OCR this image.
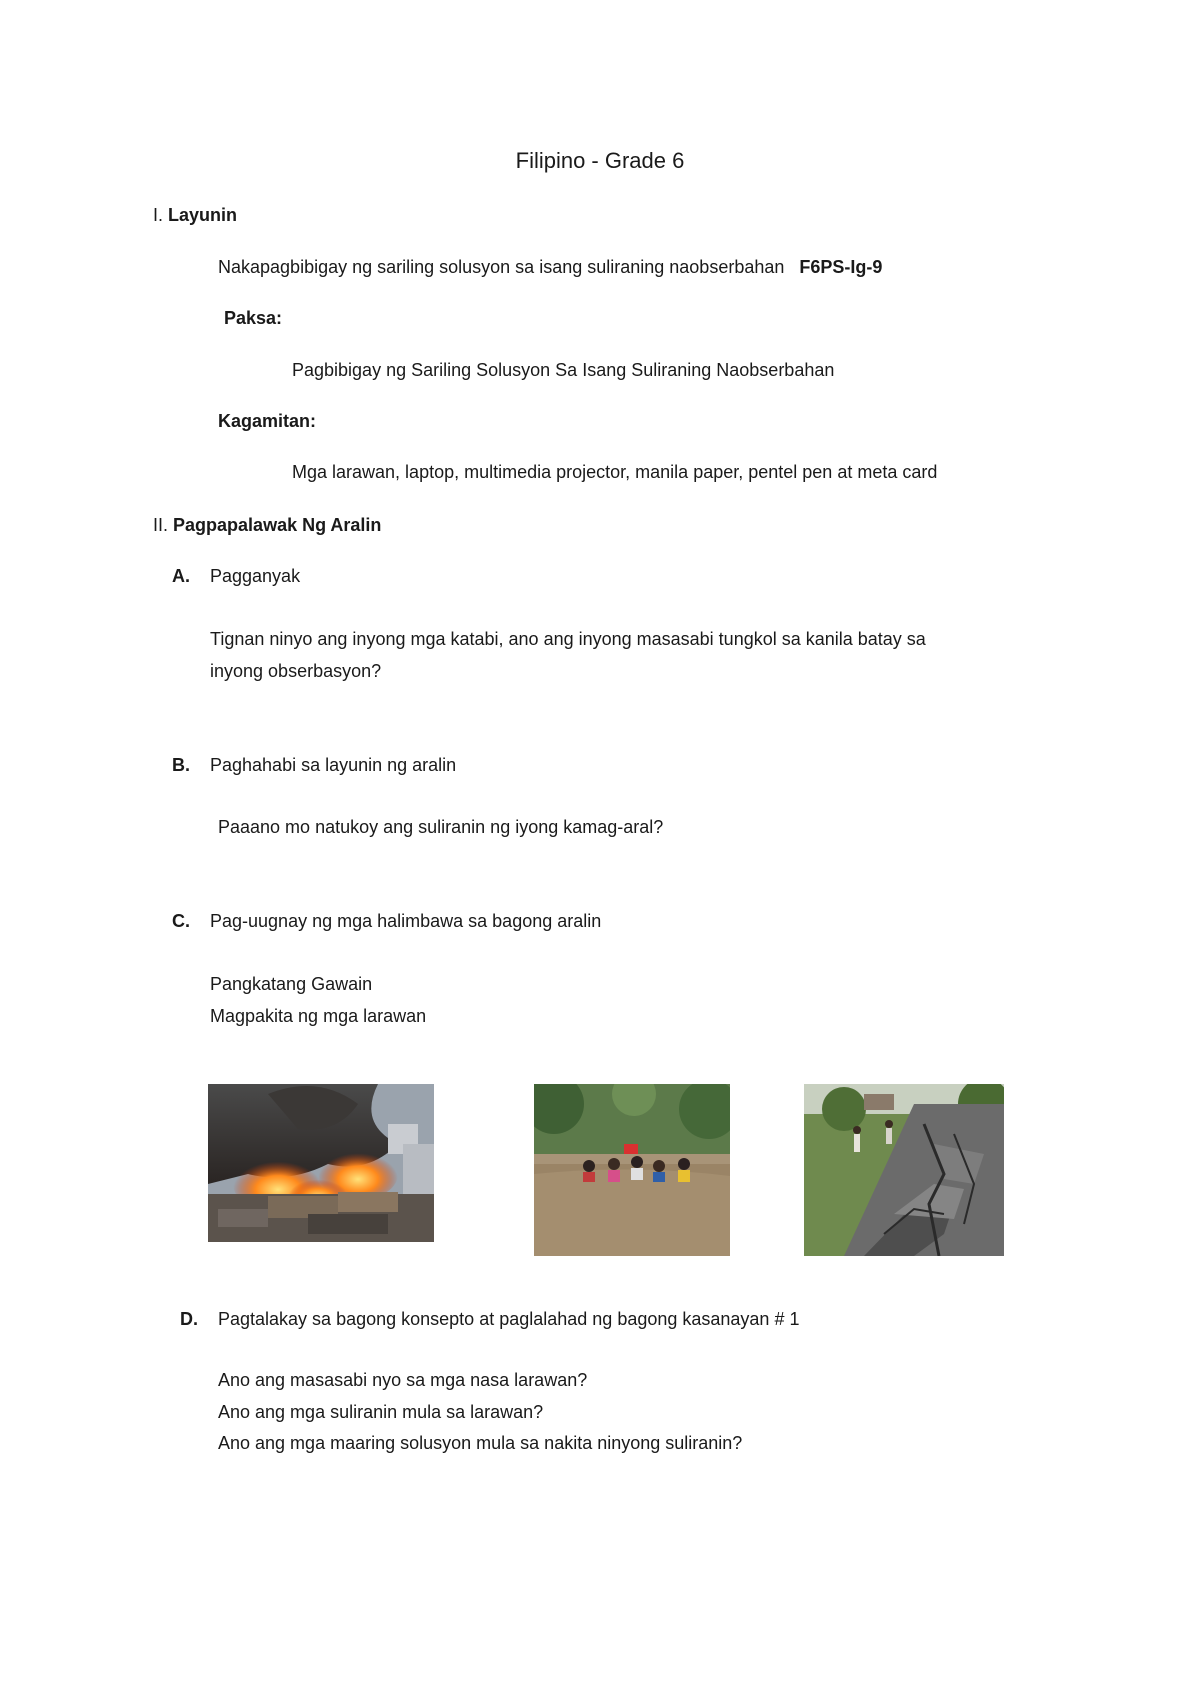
Filipino - Grade 6
I. Layunin
Nakapagbibigay ng sariling solusyon sa isang suliraning naobserbahan F6PS-Ig-9
Paksa:
Pagbibigay ng Sariling Solusyon Sa Isang Suliraning Naobserbahan
Kagamitan:
Mga larawan, laptop, multimedia projector, manila paper, pentel pen at meta card
II. Pagpapalawak Ng Aralin
A. Pagganyak
Tignan ninyo ang inyong mga katabi, ano ang inyong masasabi tungkol sa kanila batay sa
inyong obserbasyon?
B. Paghahabi sa layunin ng aralin
Paaano mo natukoy ang suliranin ng iyong kamag-aral?
C. Pag-uugnay ng mga halimbawa sa bagong aralin
Pangkatang Gawain
Magpakita ng mga larawan
D. Pagtalakay sa bagong konsepto at paglalahad ng bagong kasanayan # 1
Ano ang masasabi nyo sa mga nasa larawan?
Ano ang mga suliranin mula sa larawan?
Ano ang mga maaring solusyon mula sa nakita ninyong suliranin?
